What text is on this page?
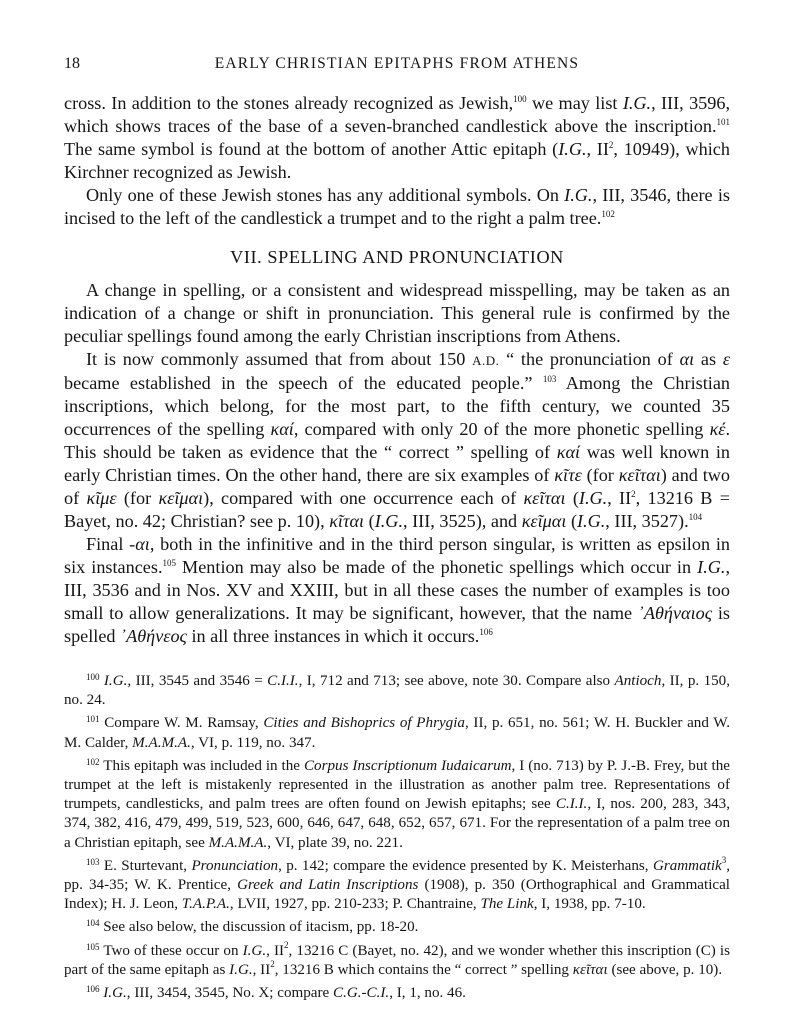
18	EARLY CHRISTIAN EPITAPHS FROM ATHENS

cross. In addition to the stones already recognized as Jewish,$^{100}$ we may list I.G., III, 3596, which shows traces of the base of a seven-branched candlestick above the inscription.$^{101}$ The same symbol is found at the bottom of another Attic epitaph (I.G., $II^2$, 10949), which Kirchner recognized as Jewish.

Only one of these Jewish stones has any additional symbols. On I.G., III, 3546, there is incised to the left of the candlestick a trumpet and to the right a palm tree.$^{102}$

VII. SPELLING AND PRONUNCIATION

A change in spelling, or a consistent and widespread misspelling, may be taken as an indication of a change or shift in pronunciation. This general rule is confirmed by the peculiar spellings found among the early Christian inscriptions from Athens.

It is now commonly assumed that from about 150 A.D. “ the pronunciation of αι as ε became established in the speech of the educated people.” $^{103}$ Among the Christian inscriptions, which belong, for the most part, to the fifth century, we counted 35 occurrences of the spelling καί, compared with only 20 of the more phonetic spelling κέ. This should be taken as evidence that the “ correct ” spelling of καί was well known in early Christian times. On the other hand, there are six examples of κῖτε (for κεῖται) and two of κῖμε (for κεῖμαι), compared with one occurrence each of κεῖται (I.G., $II^2$, 13216 B = Bayet, no. 42; Christian? see p. 10), κῖται (I.G., III, 3525), and κεῖμαι (I.G., III, 3527).$^{104}$

Final -αι, both in the infinitive and in the third person singular, is written as epsilon in six instances.$^{105}$ Mention may also be made of the phonetic spellings which occur in I.G., III, 3536 and in Nos. XV and XXIII, but in all these cases the number of examples is too small to allow generalizations. It may be significant, however, that the name ᾿Αθήναιος is spelled ᾿Αθήνεος in all three instances in which it occurs.$^{106}$

$^{100}$ I.G., III, 3545 and 3546 = C.I.I., I, 712 and 713; see above, note 30. Compare also Antioch, II, p. 150, no. 24.

$^{101}$ Compare W. M. Ramsay, Cities and Bishoprics of Phrygia, II, p. 651, no. 561; W. H. Buckler and W. M. Calder, M.A.M.A., VI, p. 119, no. 347.

$^{102}$ This epitaph was included in the Corpus Inscriptionum Iudaicarum, I (no. 713) by P. J.-B. Frey, but the trumpet at the left is mistakenly represented in the illustration as another palm tree. Representations of trumpets, candlesticks, and palm trees are often found on Jewish epitaphs; see C.I.I., I, nos. 200, 283, 343, 374, 382, 416, 479, 499, 519, 523, 600, 646, 647, 648, 652, 657, 671. For the representation of a palm tree on a Christian epitaph, see M.A.M.A., VI, plate 39, no. 221.

$^{103}$ E. Sturtevant, Pronunciation, p. 142; compare the evidence presented by K. Meisterhans, Grammatik$^3$, pp. 34-35; W. K. Prentice, Greek and Latin Inscriptions (1908), p. 350 (Orthographical and Grammatical Index); H. J. Leon, T.A.P.A., LVII, 1927, pp. 210-233; P. Chantraine, The Link, I, 1938, pp. 7-10.

$^{104}$ See also below, the discussion of itacism, pp. 18-20.

$^{105}$ Two of these occur on I.G., $II^2$, 13216 C (Bayet, no. 42), and we wonder whether this inscription (C) is part of the same epitaph as I.G., $II^2$, 13216 B which contains the “ correct ” spelling κεῖται (see above, p. 10).

$^{106}$ I.G., III, 3454, 3545, No. X; compare C.G.-C.I., I, 1, no. 46.
